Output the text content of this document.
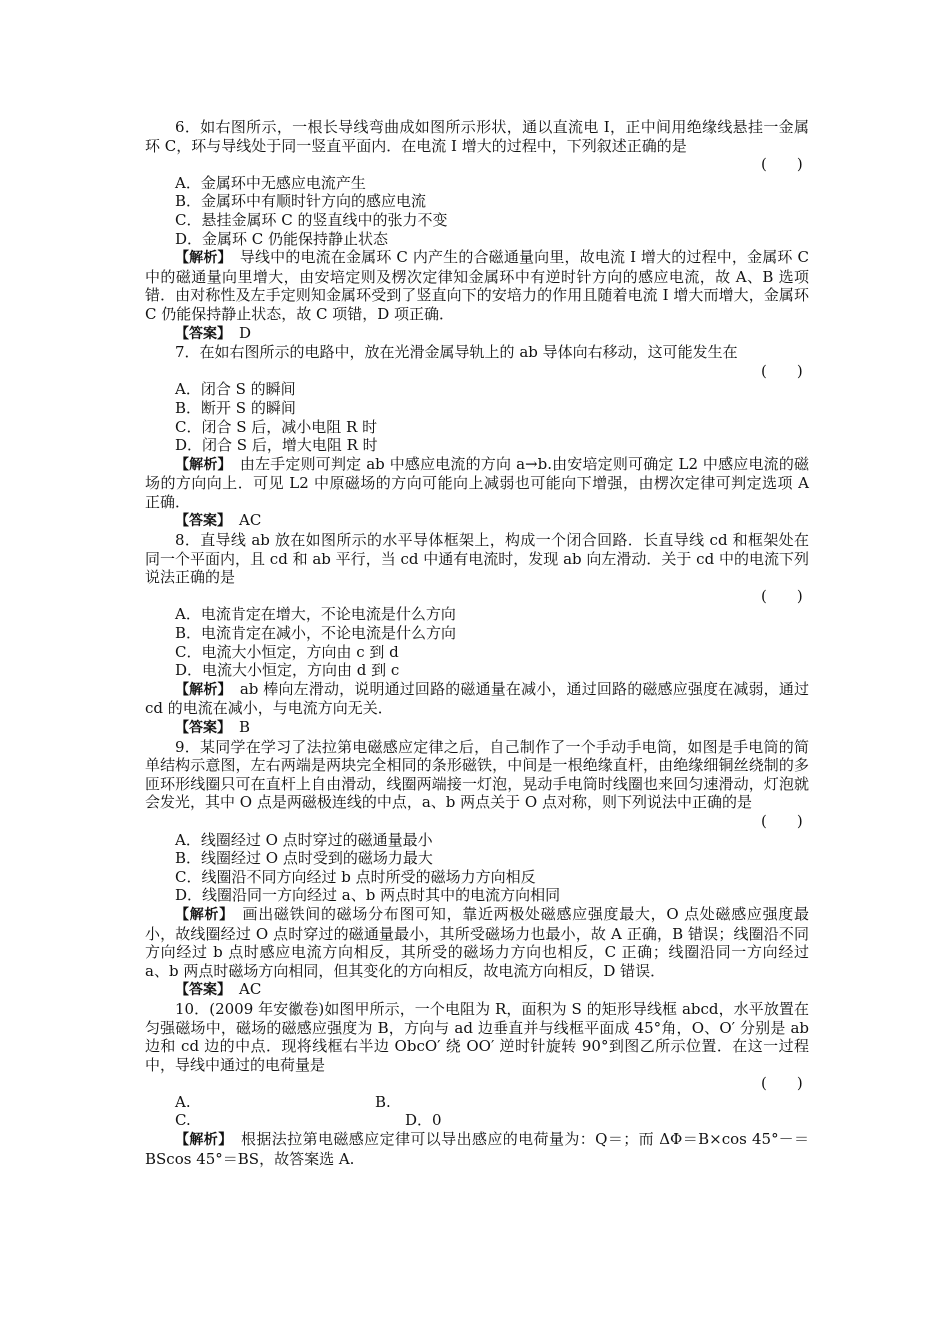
6．如右图所示，一根长导线弯曲成如图所示形状，通以直流电 I，正中间用绝缘线悬挂一金属环 C，环与导线处于同一竖直平面内．在电流 I 增大的过程中，下列叙述正确的是

(　　)

A．金属环中无感应电流产生

B．金属环中有顺时针方向的感应电流

C．悬挂金属环 C 的竖直线中的张力不变

D．金属环 C 仍能保持静止状态

【解析】　 导线中的电流在金属环 C 内产生的合磁通量向里，故电流 I 增大的过程中，金属环 C 中的磁通量向里增大，由安培定则及楞次定律知金属环中有逆时针方向的感应电流，故 A、B 选项错．由对称性及左手定则知金属环受到了竖直向下的安培力的作用且随着电流 I 增大而增大，金属环 C 仍能保持静止状态，故 C 项错，D 项正确．

【答案】　 D

7．在如右图所示的电路中，放在光滑金属导轨上的 ab 导体向右移动，这可能发生在

(　　)

A．闭合 S 的瞬间

B．断开 S 的瞬间

C．闭合 S 后，减小电阻 R 时

D．闭合 S 后，增大电阻 R 时

【解析】　 由左手定则可判定 ab 中感应电流的方向 a→b.由安培定则可确定 L2 中感应电流的磁场的方向向上．可见 L2 中原磁场的方向可能向上减弱也可能向下增强，由楞次定律可判定选项 A 正确．

【答案】　 AC

8．直导线 ab 放在如图所示的水平导体框架上，构成一个闭合回路．长直导线 cd 和框架处在同一个平面内，且 cd 和 ab 平行，当 cd 中通有电流时，发现 ab 向左滑动．关于 cd 中的电流下列说法正确的是

(　　)

A．电流肯定在增大，不论电流是什么方向

B．电流肯定在减小，不论电流是什么方向

C．电流大小恒定，方向由 c 到 d

D．电流大小恒定，方向由 d 到 c

【解析】　 ab 棒向左滑动，说明通过回路的磁通量在减小，通过回路的磁感应强度在减弱，通过 cd 的电流在减小，与电流方向无关．

【答案】　 B

9．某同学在学习了法拉第电磁感应定律之后，自己制作了一个手动手电筒，如图是手电筒的简单结构示意图，左右两端是两块完全相同的条形磁铁，中间是一根绝缘直杆，由绝缘细铜丝绕制的多匝环形线圈只可在直杆上自由滑动，线圈两端接一灯泡，晃动手电筒时线圈也来回匀速滑动，灯泡就会发光，其中 O 点是两磁极连线的中点，a、b 两点关于 O 点对称，则下列说法中正确的是

(　　)

A．线圈经过 O 点时穿过的磁通量最小

B．线圈经过 O 点时受到的磁场力最大

C．线圈沿不同方向经过 b 点时所受的磁场力方向相反

D．线圈沿同一方向经过 a、b 两点时其中的电流方向相同

【解析】　 画出磁铁间的磁场分布图可知，靠近两极处磁感应强度最大，O 点处磁感应强度最小，故线圈经过 O 点时穿过的磁通量最小，其所受磁场力也最小，故 A 正确，B 错误；线圈沿不同方向经过 b 点时感应电流方向相反，其所受的磁场力方向也相反，C 正确；线圈沿同一方向经过 a、b 两点时磁场方向相同，但其变化的方向相反，故电流方向相反，D 错误．

【答案】　 AC

10．(2009 年安徽卷)如图甲所示，一个电阻为 R，面积为 S 的矩形导线框 abcd，水平放置在匀强磁场中，磁场的磁感应强度为 B，方向与 ad 边垂直并与线框平面成 45°角，O、O′ 分别是 ab 边和 cd 边的中点．现将线框右半边 ObcO′ 绕 OO′ 逆时针旋转 90°到图乙所示位置．在这一过程中，导线中通过的电荷量是

(　　)

A.	B.
C.	D．0

【解析】　 根据法拉第电磁感应定律可以导出感应的电荷量为：Q＝；而 ΔΦ＝B×cos 45°－＝BScos 45°＝BS，故答案选 A.
